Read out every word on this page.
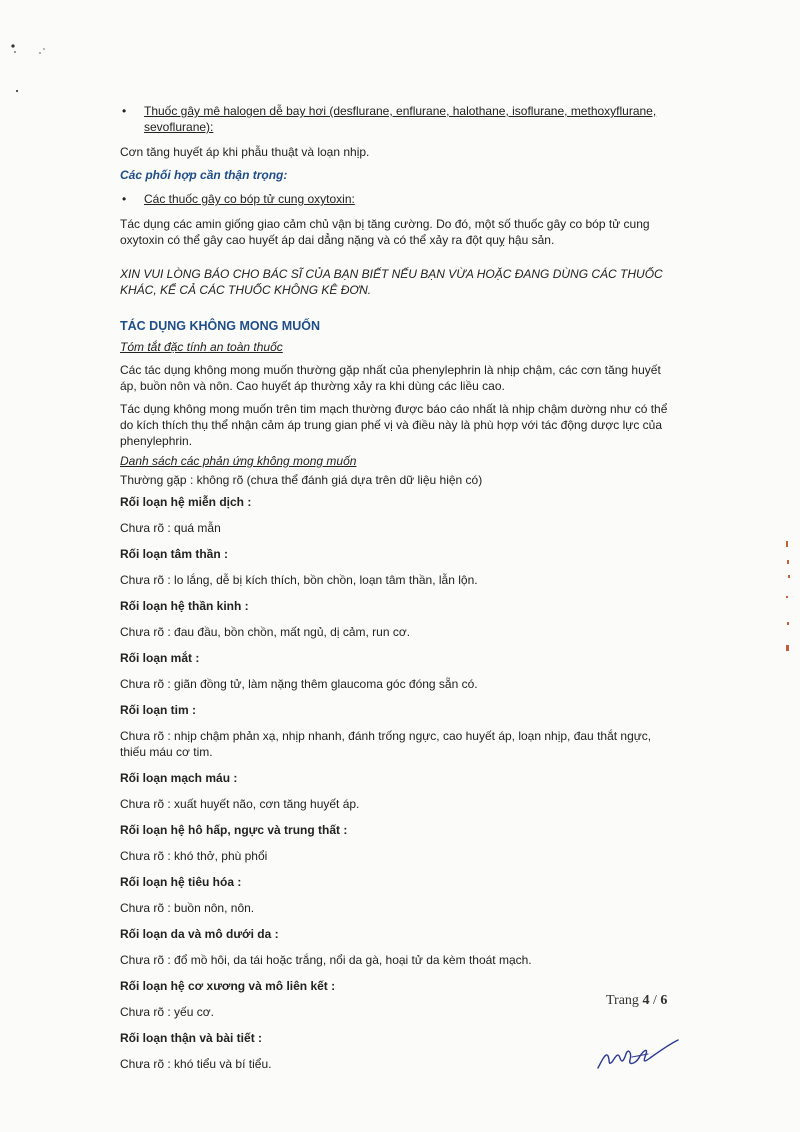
•	Thuốc gây mê halogen dễ bay hơi (desflurane, enflurane, halothane, isoflurane, methoxyflurane, sevoflurane):

Cơn tăng huyết áp khi phẫu thuật và loạn nhịp.

Các phối hợp cần thận trọng:

•	Các thuốc gây co bóp tử cung oxytoxin:

Tác dụng các amin giống giao cảm chủ vận bị tăng cường. Do đó, một số thuốc gây co bóp tử cung oxytoxin có thể gây cao huyết áp dai dẳng nặng và có thể xảy ra đột quỵ hậu sản.

XIN VUI LÒNG BÁO CHO BÁC SĨ CỦA BẠN BIẾT NẾU BẠN VỪA HOẶC ĐANG DÙNG CÁC THUỐC KHÁC, KỂ CẢ CÁC THUỐC KHÔNG KÊ ĐƠN.

TÁC DỤNG KHÔNG MONG MUỐN

Tóm tắt đặc tính an toàn thuốc

Các tác dụng không mong muốn thường gặp nhất của phenylephrin là nhịp chậm, các cơn tăng huyết áp, buồn nôn và nôn. Cao huyết áp thường xảy ra khi dùng các liều cao.

Tác dụng không mong muốn trên tim mạch thường được báo cáo nhất là nhịp chậm dường như có thể do kích thích thụ thể nhận cảm áp trung gian phế vị và điều này là phù hợp với tác động dược lực của phenylephrin.

Danh sách các phản ứng không mong muốn

Thường gặp : không rõ (chưa thể đánh giá dựa trên dữ liệu hiện có)

Rối loạn hệ miễn dịch :

Chưa rõ : quá mẫn

Rối loạn tâm thần :

Chưa rõ : lo lắng, dễ bị kích thích, bồn chồn, loạn tâm thần, lẫn lộn.

Rối loạn hệ thần kinh :

Chưa rõ : đau đầu, bồn chồn, mất ngủ, dị cảm, run cơ.

Rối loạn mắt :

Chưa rõ : giãn đồng tử, làm nặng thêm glaucoma góc đóng sẵn có.

Rối loạn tim :

Chưa rõ : nhịp chậm phản xạ, nhịp nhanh, đánh trống ngực, cao huyết áp, loạn nhịp, đau thắt ngực, thiếu máu cơ tim.

Rối loạn mạch máu :

Chưa rõ : xuất huyết não, cơn tăng huyết áp.

Rối loạn hệ hô hấp, ngực và trung thất :

Chưa rõ : khó thở, phù phổi

Rối loạn hệ tiêu hóa :

Chưa rõ : buồn nôn, nôn.

Rối loạn da và mô dưới da :

Chưa rõ : đổ mồ hôi, da tái hoặc trắng, nổi da gà, hoại tử da kèm thoát mạch.

Rối loạn hệ cơ xương và mô liên kết :

Chưa rõ : yếu cơ.

Rối loạn thận và bài tiết :

Chưa rõ : khó tiểu và bí tiểu.

Trang 4 / 6
